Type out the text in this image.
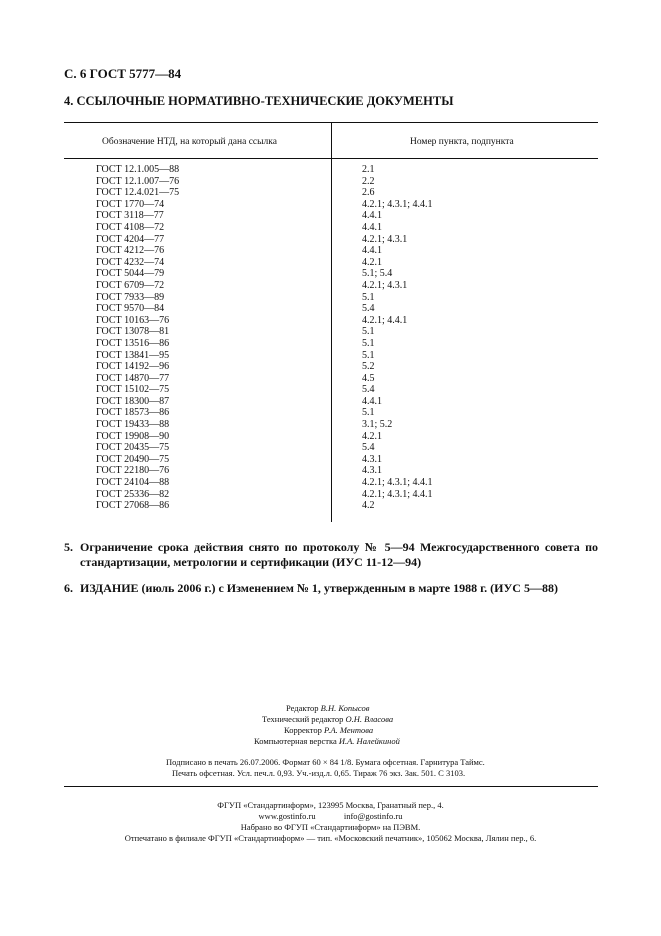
С. 6 ГОСТ 5777—84
4. ССЫЛОЧНЫЕ НОРМАТИВНО-ТЕХНИЧЕСКИЕ ДОКУМЕНТЫ
Обозначение НТД, на который дана ссылка	Номер пункта, подпункта
ГОСТ 12.1.005—88	2.1
ГОСТ 12.1.007—76	2.2
ГОСТ 12.4.021—75	2.6
ГОСТ 1770—74	4.2.1; 4.3.1; 4.4.1
ГОСТ 3118—77	4.4.1
ГОСТ 4108—72	4.4.1
ГОСТ 4204—77	4.2.1; 4.3.1
ГОСТ 4212—76	4.4.1
ГОСТ 4232—74	4.2.1
ГОСТ 5044—79	5.1; 5.4
ГОСТ 6709—72	4.2.1; 4.3.1
ГОСТ 7933—89	5.1
ГОСТ 9570—84	5.4
ГОСТ 10163—76	4.2.1; 4.4.1
ГОСТ 13078—81	5.1
ГОСТ 13516—86	5.1
ГОСТ 13841—95	5.1
ГОСТ 14192—96	5.2
ГОСТ 14870—77	4.5
ГОСТ 15102—75	5.4
ГОСТ 18300—87	4.4.1
ГОСТ 18573—86	5.1
ГОСТ 19433—88	3.1; 5.2
ГОСТ 19908—90	4.2.1
ГОСТ 20435—75	5.4
ГОСТ 20490—75	4.3.1
ГОСТ 22180—76	4.3.1
ГОСТ 24104—88	4.2.1; 4.3.1; 4.4.1
ГОСТ 25336—82	4.2.1; 4.3.1; 4.4.1
ГОСТ 27068—86	4.2
5. Ограничение срока действия снято по протоколу № 5—94 Межгосударственного совета по стандартизации, метрологии и сертификации (ИУС 11-12—94)
6. ИЗДАНИЕ (июль 2006 г.) с Изменением № 1, утвержденным в марте 1988 г. (ИУС 5—88)
Редактор В.Н. Копысов
Технический редактор О.Н. Власова
Корректор Р.А. Ментова
Компьютерная верстка И.А. Налейкиной
Подписано в печать 26.07.2006. Формат 60 × 84 1/8. Бумага офсетная. Гарнитура Таймс.
Печать офсетная. Усл. печ.л. 0,93. Уч.-изд.л. 0,65. Тираж 76 экз. Зак. 501. С 3103.
ФГУП «Стандартинформ», 123995 Москва, Гранатный пер., 4.
www.gostinfo.ru	info@gostinfo.ru
Набрано во ФГУП «Стандартинформ» на ПЭВМ.
Отпечатано в филиале ФГУП «Стандартинформ» — тип. «Московский печатник», 105062 Москва, Лялин пер., 6.
